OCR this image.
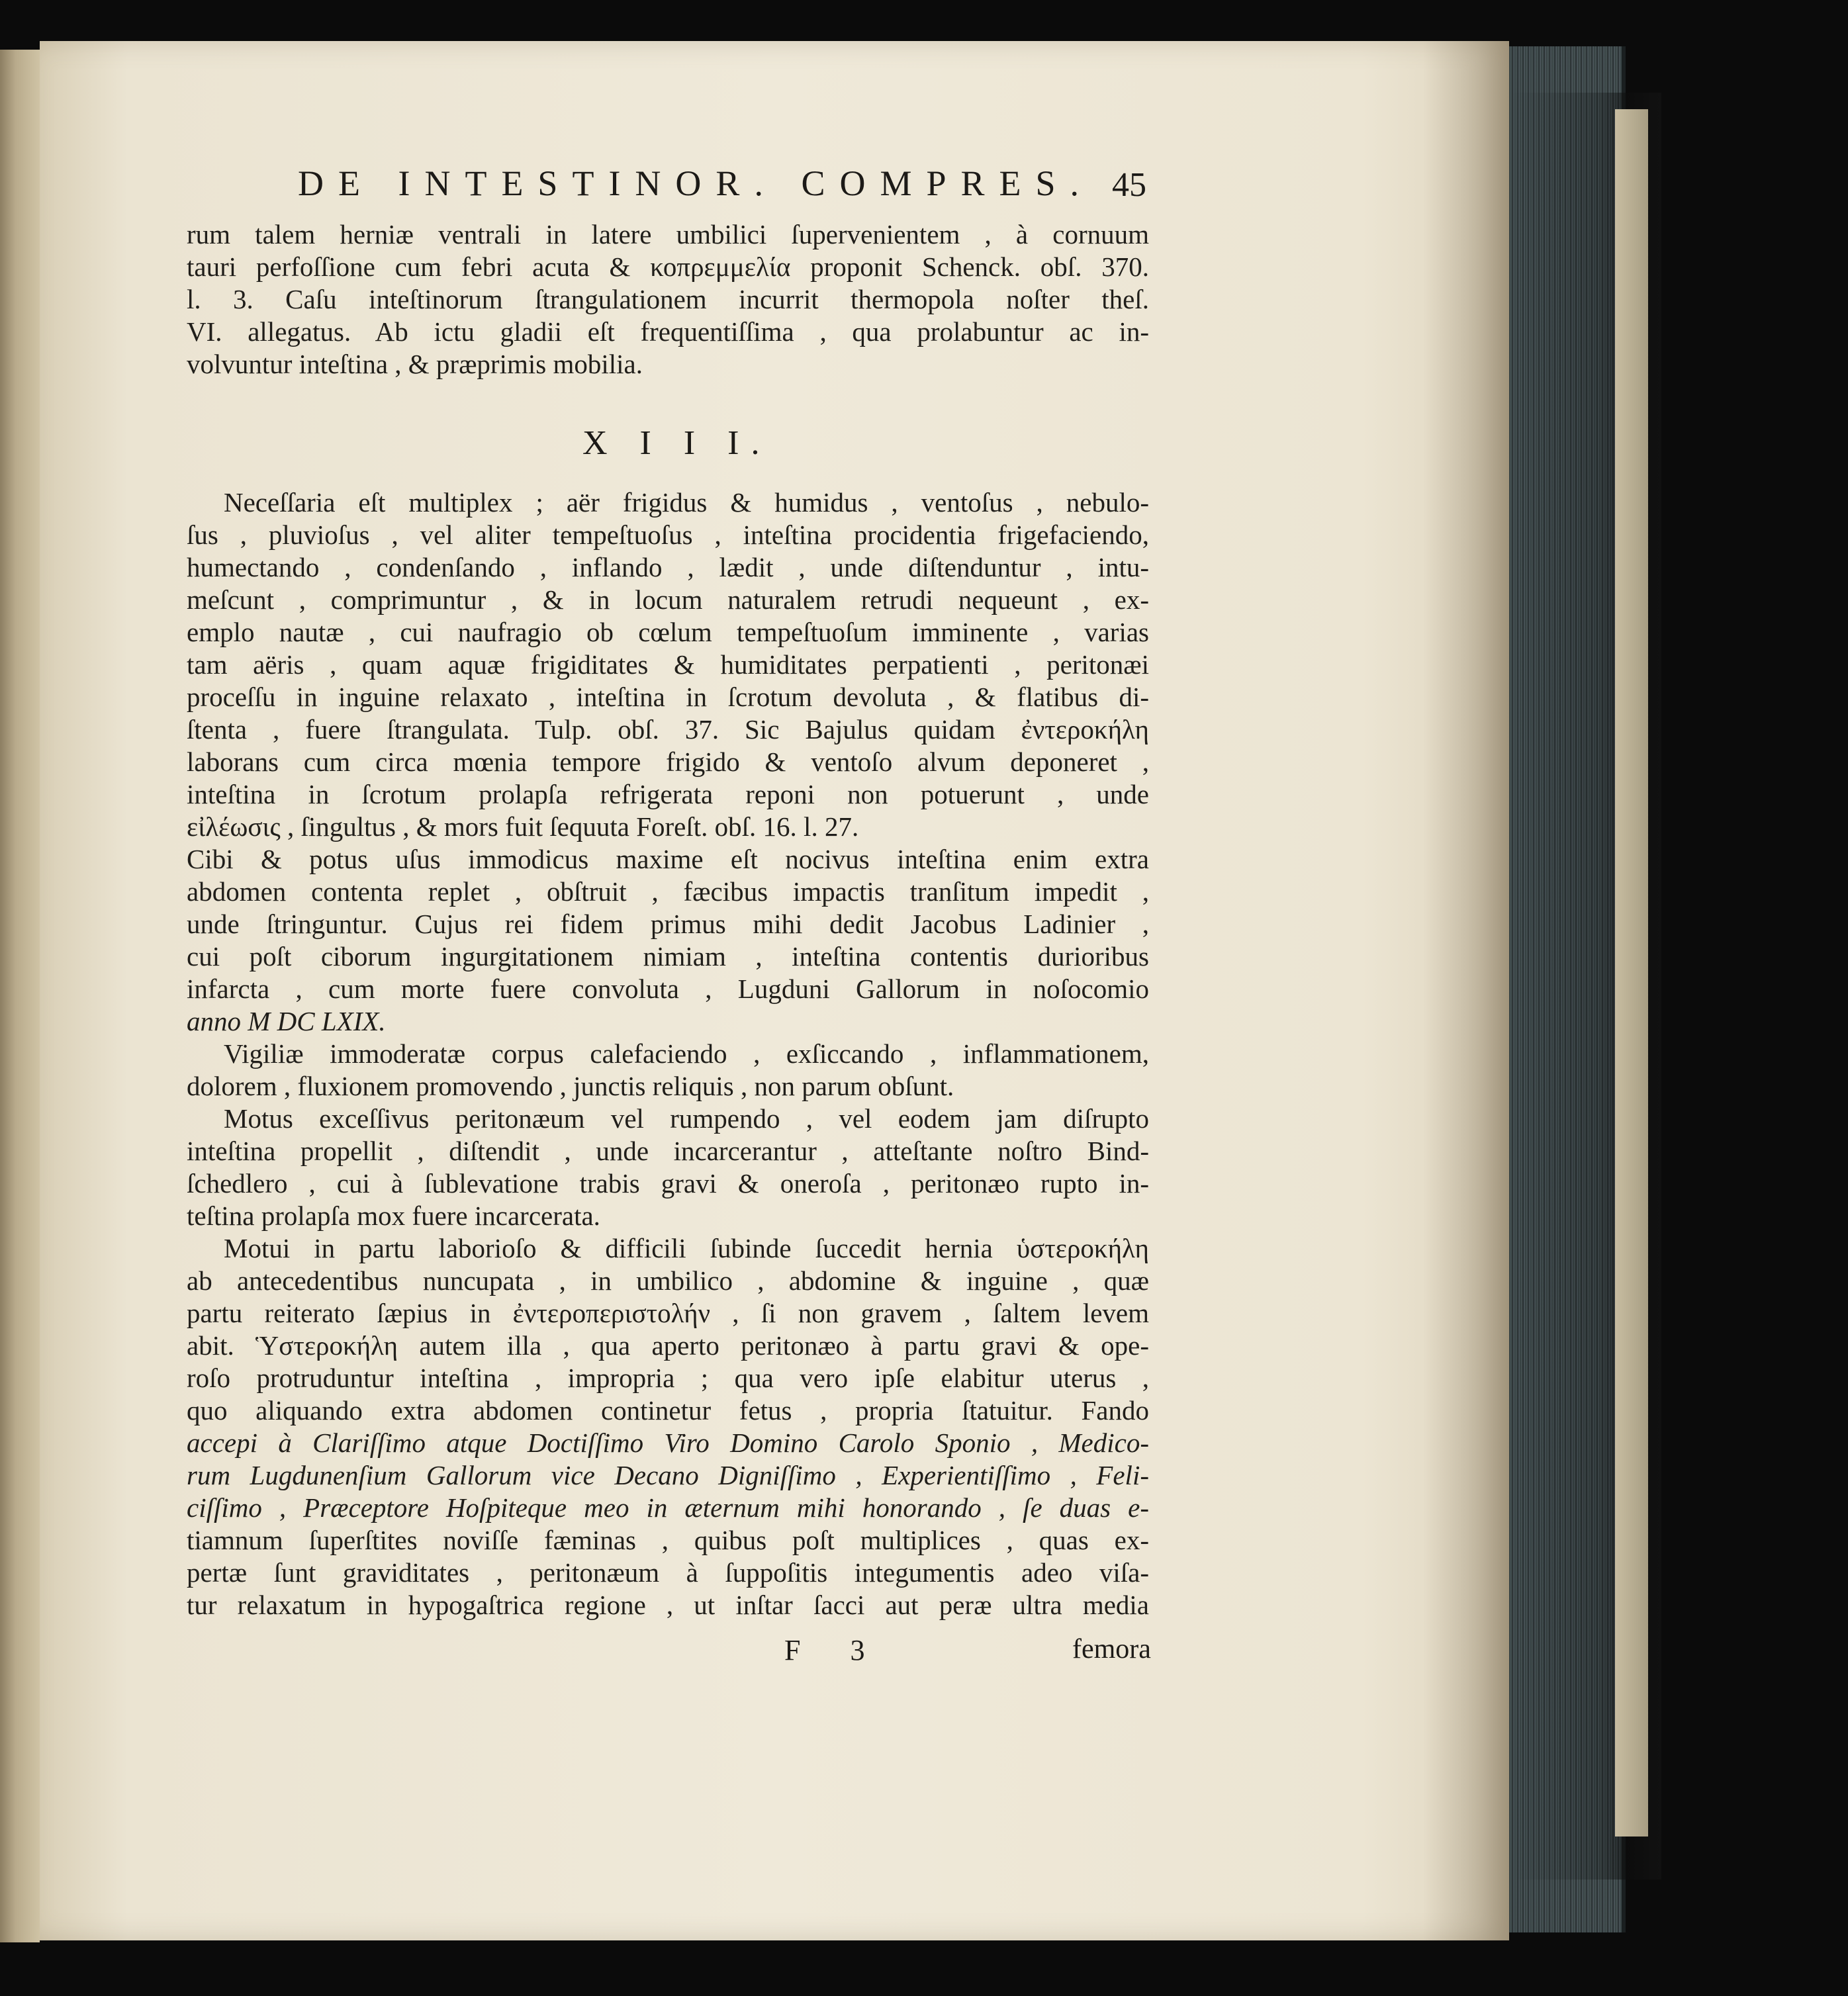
DE INTESTINOR. COMPRES. 45
rum talem herniæ ventrali in latere umbilici ſupervenientem , à cornuum
tauri perfoſſione cum febri acuta & κοπρεμμελία proponit Schenck. obſ. 370.
l. 3. Caſu inteſtinorum ſtrangulationem incurrit thermopola noſter theſ.
VI. allegatus. Ab ictu gladii eſt frequentiſſima , qua prolabuntur ac in-
volvuntur inteſtina , & præprimis mobilia.
X I I I.
Neceſſaria eſt multiplex ; aër frigidus & humidus , ventoſus , nebulo-
ſus , pluvioſus , vel aliter tempeſtuoſus , inteſtina procidentia frigefaciendo,
humectando , condenſando , inflando , lædit , unde diſtenduntur , intu-
meſcunt , comprimuntur , & in locum naturalem retrudi nequeunt , ex-
emplo nautæ , cui naufragio ob cœlum tempeſtuoſum imminente , varias
tam aëris , quam aquæ frigiditates & humiditates perpatienti , peritonæi
proceſſu in inguine relaxato , inteſtina in ſcrotum devoluta , & flatibus di-
ſtenta , fuere ſtrangulata. Tulp. obſ. 37. Sic Bajulus quidam ἐντεροκήλη
laborans cum circa mœnia tempore frigido & ventoſo alvum deponeret ,
inteſtina in ſcrotum prolapſa refrigerata reponi non potuerunt , unde
εἰλέωσις , ſingultus , & mors fuit ſequuta Foreſt. obſ. 16. l. 27.
Cibi & potus uſus immodicus maxime eſt nocivus inteſtina enim extra
abdomen contenta replet , obſtruit , fæcibus impactis tranſitum impedit ,
unde ſtringuntur. Cujus rei fidem primus mihi dedit Jacobus Ladinier ,
cui poſt ciborum ingurgitationem nimiam , inteſtina contentis durioribus
infarcta , cum morte fuere convoluta , Lugduni Gallorum in noſocomio
anno M DC LXIX.
Vigiliæ immoderatæ corpus calefaciendo , exſiccando , inflammationem,
dolorem , fluxionem promovendo , junctis reliquis , non parum obſunt.
Motus exceſſivus peritonæum vel rumpendo , vel eodem jam diſrupto
inteſtina propellit , diſtendit , unde incarcerantur , atteſtante noſtro Bind-
ſchedlero , cui à ſublevatione trabis gravi & oneroſa , peritonæo rupto in-
teſtina prolapſa mox fuere incarcerata.
Motui in partu laborioſo & difficili ſubinde ſuccedit hernia ὑστεροκήλη
ab antecedentibus nuncupata , in umbilico , abdomine & inguine , quæ
partu reiterato ſæpius in ἐντεροπεριστολήν , ſi non gravem , ſaltem levem
abit. Ὑστεροκήλη autem illa , qua aperto peritonæo à partu gravi & ope-
roſo protruduntur inteſtina , impropria ; qua vero ipſe elabitur uterus ,
quo aliquando extra abdomen continetur fetus , propria ſtatuitur. Fando
accepi à Clariſſimo atque Doctiſſimo Viro Domino Carolo Sponio , Medico-
rum Lugdunenſium Gallorum vice Decano Digniſſimo , Experientiſſimo , Feli-
ciſſimo , Præceptore Hoſpiteque meo in æternum mihi honorando , ſe duas e-
tiamnum ſuperſtites noviſſe fæminas , quibus poſt multiplices , quas ex-
pertæ ſunt graviditates , peritonæum à ſuppoſitis integumentis adeo viſa-
tur relaxatum in hypogaſtrica regione , ut inſtar ſacci aut peræ ultra media
F 3	femora
